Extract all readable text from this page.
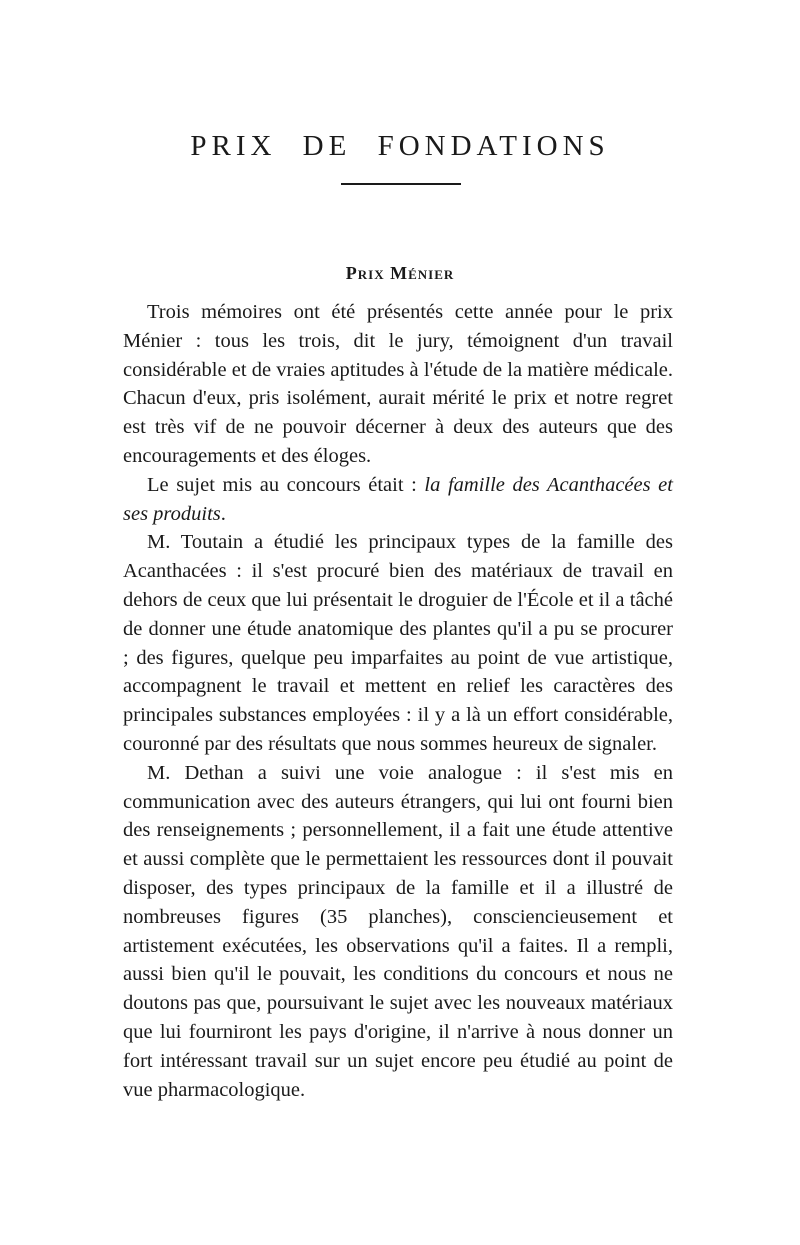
PRIX DE FONDATIONS
Prix Ménier

Trois mémoires ont été présentés cette année pour le prix Ménier : tous les trois, dit le jury, témoignent d'un travail considérable et de vraies aptitudes à l'étude de la matière médicale. Chacun d'eux, pris isolément, aurait mérité le prix et notre regret est très vif de ne pouvoir décerner à deux des auteurs que des encouragements et des éloges.

Le sujet mis au concours était : la famille des Acanthacées et ses produits.

M. Toutain a étudié les principaux types de la famille des Acanthacées : il s'est procuré bien des matériaux de travail en dehors de ceux que lui présentait le droguier de l'École et il a tâché de donner une étude anatomique des plantes qu'il a pu se procurer ; des figures, quelque peu imparfaites au point de vue artistique, accompagnent le travail et mettent en relief les caractères des principales substances employées : il y a là un effort considérable, couronné par des résultats que nous sommes heureux de signaler.

M. Dethan a suivi une voie analogue : il s'est mis en communication avec des auteurs étrangers, qui lui ont fourni bien des renseignements ; personnellement, il a fait une étude attentive et aussi complète que le permettaient les ressources dont il pouvait disposer, des types principaux de la famille et il a illustré de nombreuses figures (35 planches), consciencieusement et artistement exécutées, les observations qu'il a faites. Il a rempli, aussi bien qu'il le pouvait, les conditions du concours et nous ne doutons pas que, poursuivant le sujet avec les nouveaux matériaux que lui fourniront les pays d'origine, il n'arrive à nous donner un fort intéressant travail sur un sujet encore peu étudié au point de vue pharmacologique.
